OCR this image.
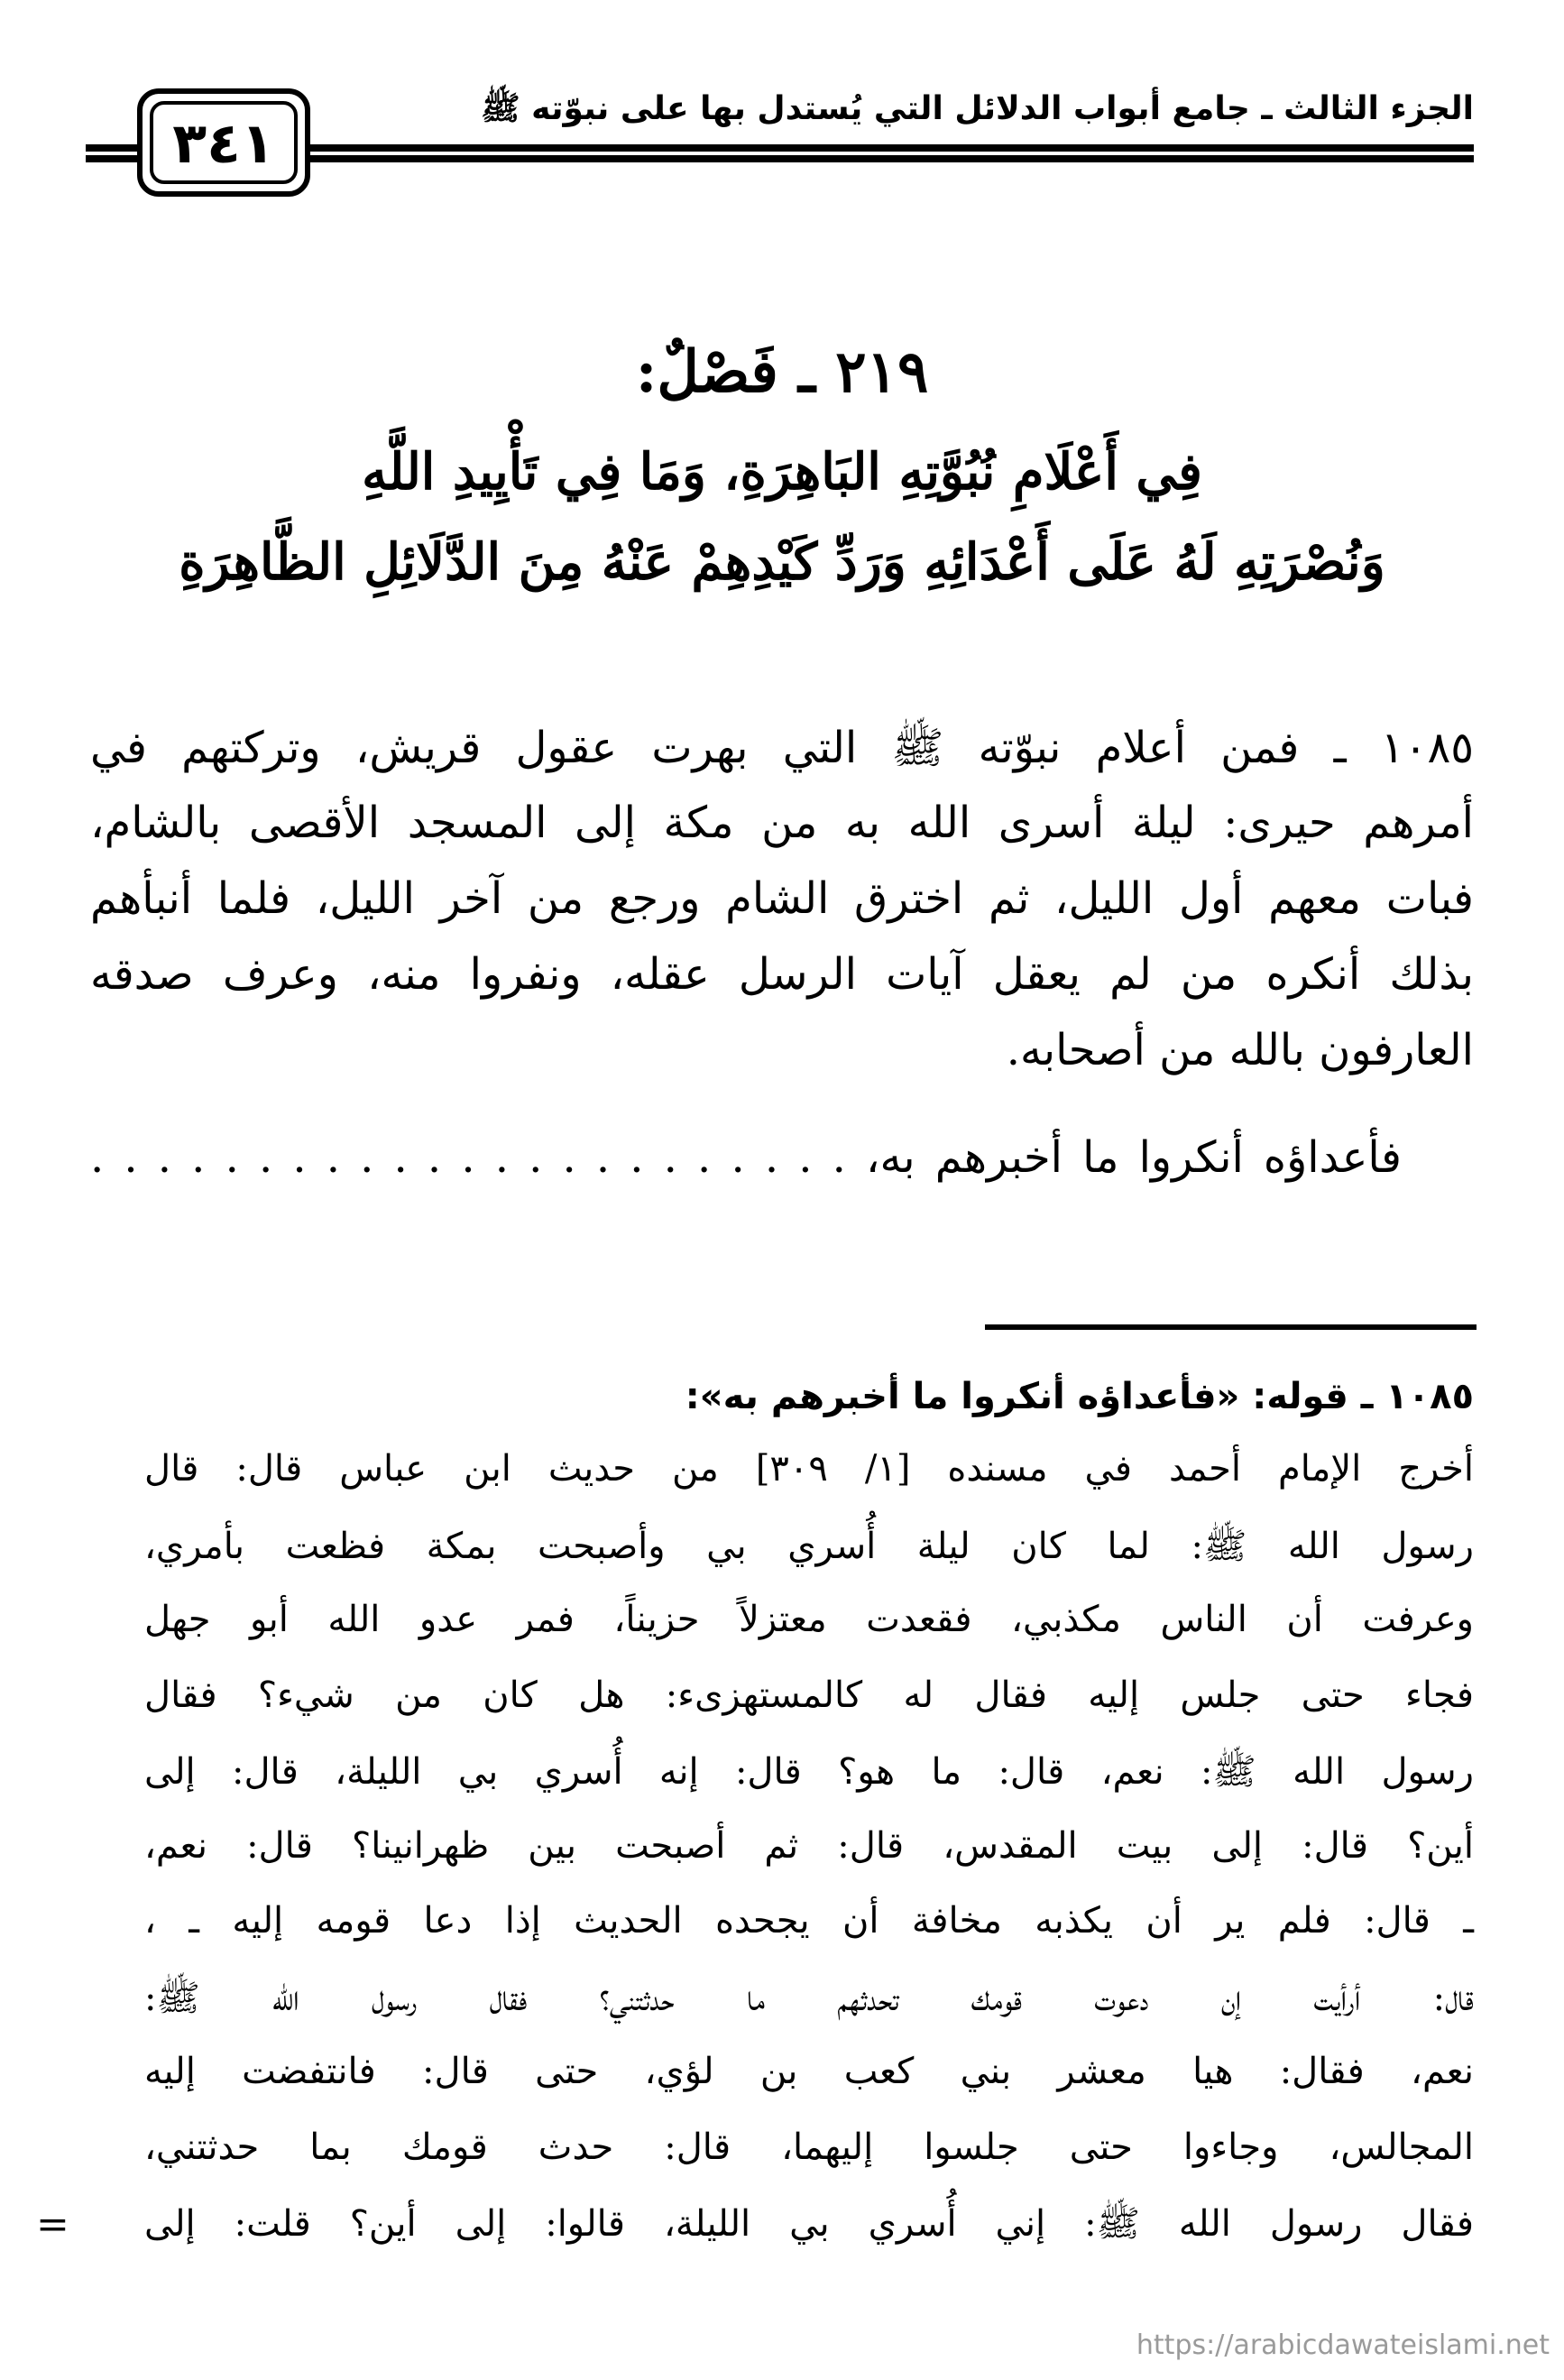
الجزء الثالث ـ جامع أبواب الدلائل التي يُستدل بها على نبوّته ﷺ
٣٤١
٢١٩ ـ فَصْلٌ:
فِي أَعْلَامِ نُبُوَّتِهِ البَاهِرَةِ، وَمَا فِي تَأْيِيدِ اللَّهِ
وَنُصْرَتِهِ لَهُ عَلَى أَعْدَائِهِ وَرَدِّ كَيْدِهِمْ عَنْهُ مِنَ الدَّلَائِلِ الظَّاهِرَةِ
١٠٨٥ ـ فمن أعلام نبوّته ﷺ التي بهرت عقول قريش، وتركتهم في
أمرهم حيرى: ليلة أسرى الله به من مكة إلى المسجد الأقصى بالشام،
فبات معهم أول الليل، ثم اخترق الشام ورجع من آخر الليل، فلما أنبأهم
بذلك أنكره من لم يعقل آيات الرسل عقله، ونفروا منه، وعرف صدقه
العارفون بالله من أصحابه.
فأعداؤه أنكروا ما أخبرهم به، . . . . . . . . . . . . . . . . . . . . . . .
١٠٨٥ ـ قوله: «فأعداؤه أنكروا ما أخبرهم به»:
أخرج الإمام أحمد في مسنده [١/ ٣٠٩] من حديث ابن عباس قال: قال
رسول الله ﷺ: لما كان ليلة أُسري بي وأصبحت بمكة فظعت بأمري،
وعرفت أن الناس مكذبي، فقعدت معتزلاً حزيناً، فمر عدو الله أبو جهل
فجاء حتى جلس إليه فقال له كالمستهزىء: هل كان من شيء؟ فقال
رسول الله ﷺ: نعم، قال: ما هو؟ قال: إنه أُسري بي الليلة، قال: إلى
أين؟ قال: إلى بيت المقدس، قال: ثم أصبحت بين ظهرانينا؟ قال: نعم،
ـ قال: فلم ير أن يكذبه مخافة أن يجحده الحديث إذا دعا قومه إليه ـ ،
قال: أرأيت إن دعوت قومك تحدثهم ما حدثتني؟ فقال رسول الله ﷺ:
نعم، فقال: هيا معشر بني كعب بن لؤي، حتى قال: فانتفضت إليه
المجالس، وجاءوا حتى جلسوا إليهما، قال: حدث قومك بما حدثتني،
فقال رسول الله ﷺ: إني أُسري بي الليلة، قالوا: إلى أين؟ قلت: إلى
=
https://arabicdawateislami.net
